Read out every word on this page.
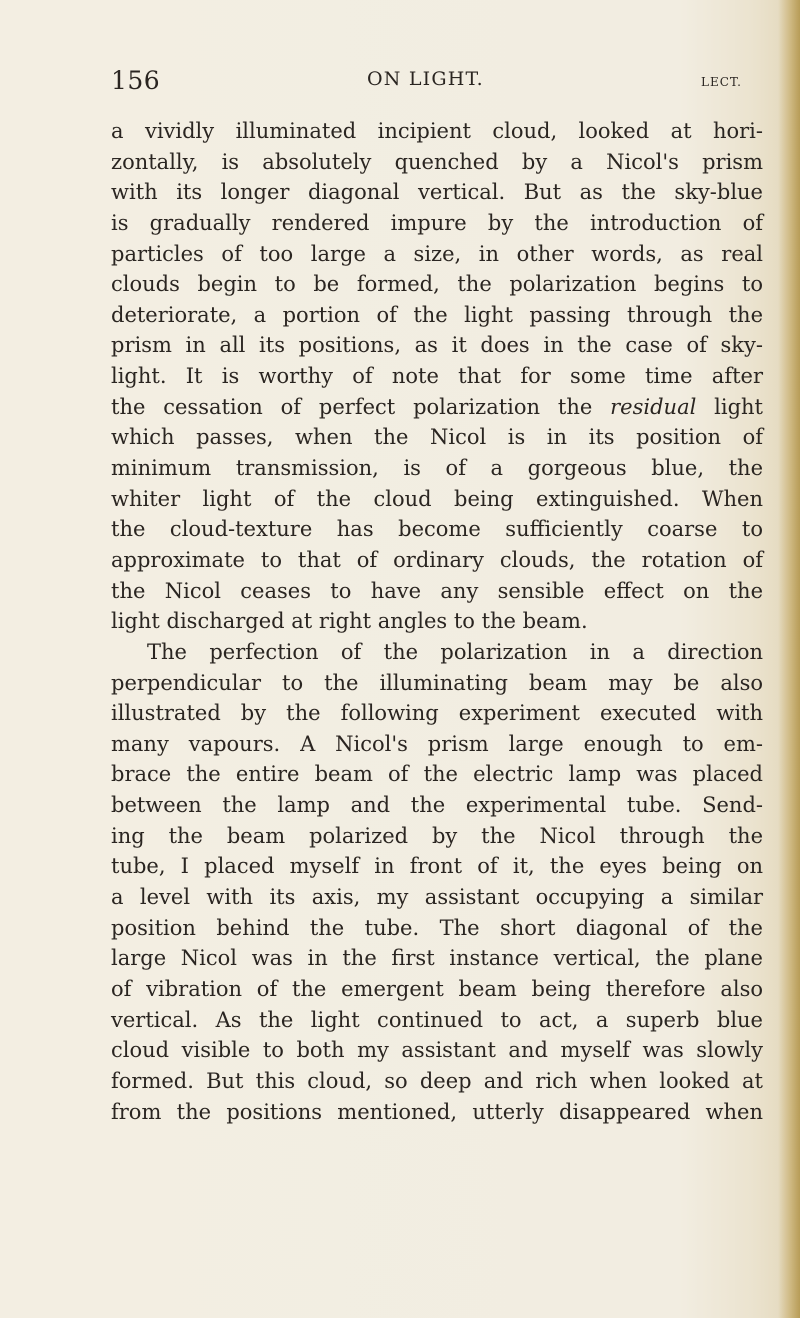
156	ON LIGHT.	LECT.
a vividly illuminated incipient cloud, looked at hori-
zontally, is absolutely quenched by a Nicol's prism
with its longer diagonal vertical. But as the sky-blue
is gradually rendered impure by the introduction of
particles of too large a size, in other words, as real
clouds begin to be formed, the polarization begins to
deteriorate, a portion of the light passing through the
prism in all its positions, as it does in the case of sky-
light. It is worthy of note that for some time after
the cessation of perfect polarization the residual light
which passes, when the Nicol is in its position of
minimum transmission, is of a gorgeous blue, the
whiter light of the cloud being extinguished. When
the cloud-texture has become sufficiently coarse to
approximate to that of ordinary clouds, the rotation of
the Nicol ceases to have any sensible effect on the
light discharged at right angles to the beam.
The perfection of the polarization in a direction
perpendicular to the illuminating beam may be also
illustrated by the following experiment executed with
many vapours. A Nicol's prism large enough to em-
brace the entire beam of the electric lamp was placed
between the lamp and the experimental tube. Send-
ing the beam polarized by the Nicol through the
tube, I placed myself in front of it, the eyes being on
a level with its axis, my assistant occupying a similar
position behind the tube. The short diagonal of the
large Nicol was in the first instance vertical, the plane
of vibration of the emergent beam being therefore also
vertical. As the light continued to act, a superb blue
cloud visible to both my assistant and myself was slowly
formed. But this cloud, so deep and rich when looked at
from the positions mentioned, utterly disappeared when
